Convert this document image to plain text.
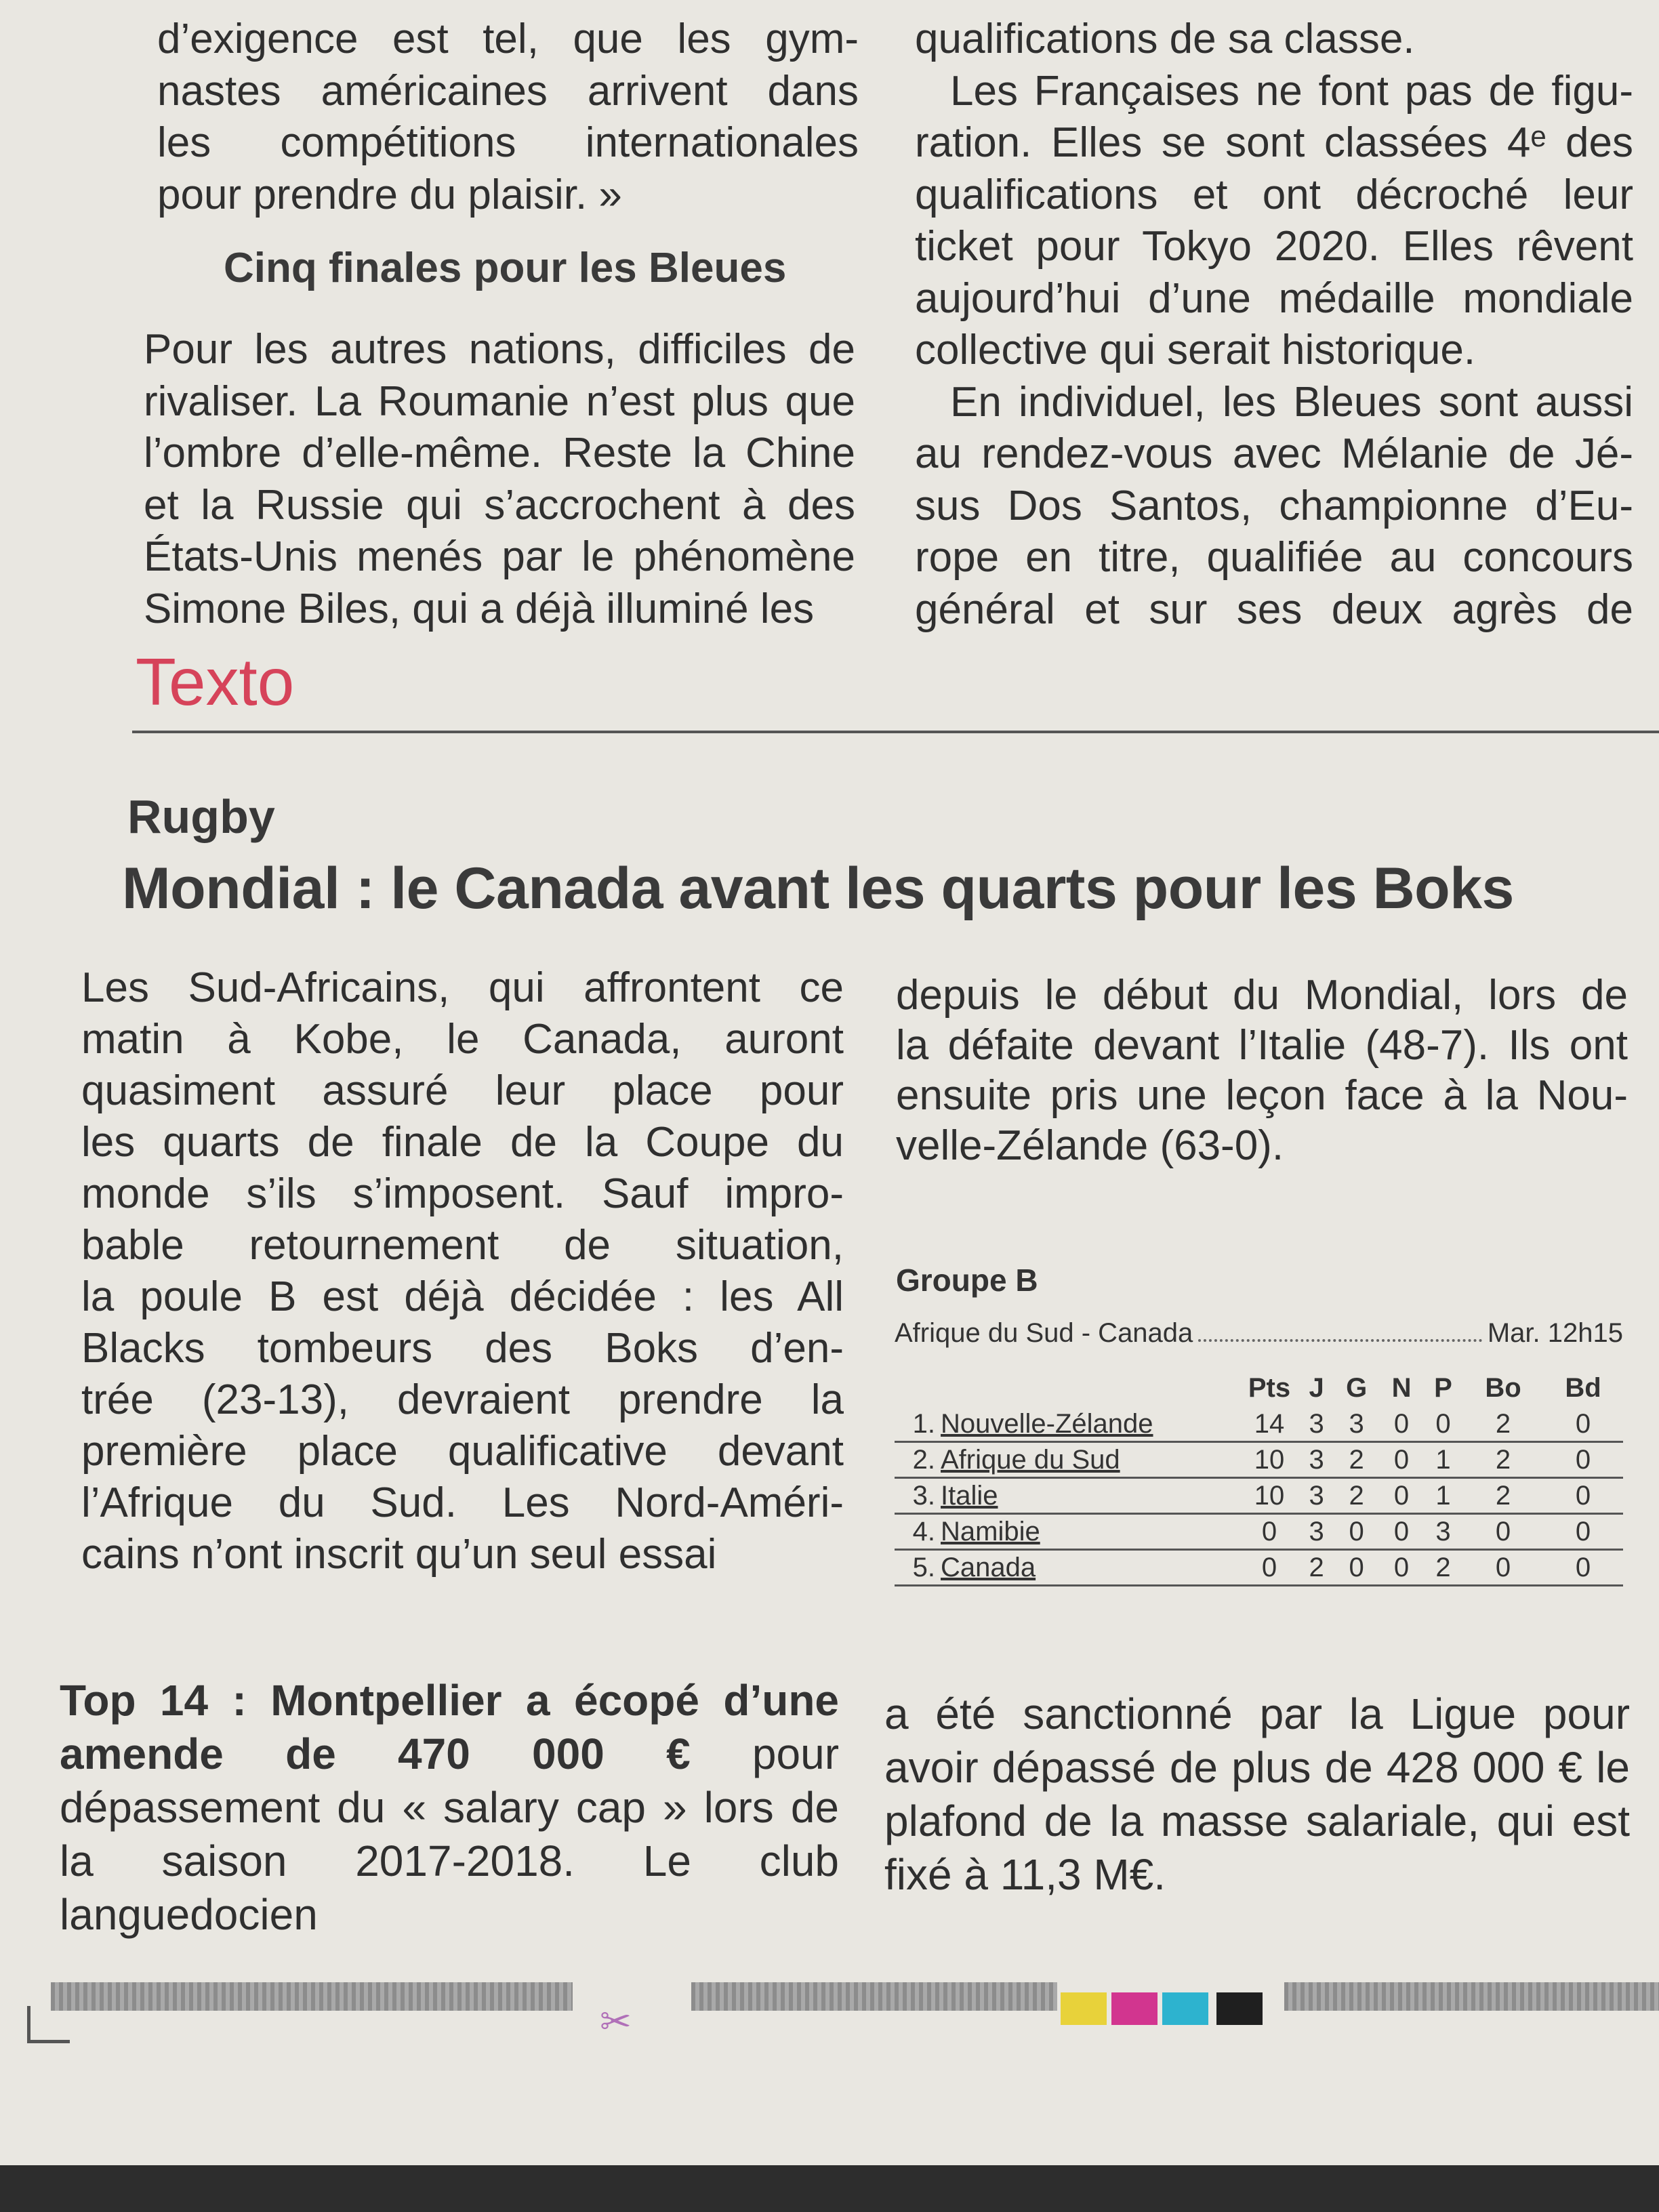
d’exigence est tel, que les gym-
nastes américaines arrivent dans
les compétitions internationales
pour prendre du plaisir. »
Cinq finales pour les Bleues
Pour les autres nations, difficiles de
rivaliser. La Roumanie n’est plus que
l’ombre d’elle-même. Reste la Chine
et la Russie qui s’accrochent à des
États-Unis menés par le phénomène
Simone Biles, qui a déjà illuminé les
qualifications de sa classe.
Les Françaises ne font pas de figu-
ration. Elles se sont classées 4ᵉ des
qualifications et ont décroché leur
ticket pour Tokyo 2020. Elles rêvent
aujourd’hui d’une médaille mondiale
collective qui serait historique.
En individuel, les Bleues sont aussi
au rendez-vous avec Mélanie de Jé-
sus Dos Santos, championne d’Eu-
rope en titre, qualifiée au concours
général et sur ses deux agrès de
Texto
Rugby
Mondial : le Canada avant les quarts pour les Boks
Les Sud-Africains, qui affrontent ce
matin à Kobe, le Canada, auront
quasiment assuré leur place pour
les quarts de finale de la Coupe du
monde s’ils s’imposent. Sauf impro-
bable retournement de situation,
la poule B est déjà décidée : les All
Blacks tombeurs des Boks d’en-
trée (23-13), devraient prendre la
première place qualificative devant
l’Afrique du Sud. Les Nord-Améri-
cains n’ont inscrit qu’un seul essai
depuis le début du Mondial, lors de
la défaite devant l’Italie (48-7). Ils ont
ensuite pris une leçon face à la Nou-
velle-Zélande (63-0).
Groupe B
Afrique du Sud - Canada	Mar. 12h15
		Pts	J	G	N	P	Bo	Bd
1.	Nouvelle-Zélande	14	3	3	0	0	2	0
2.	Afrique du Sud	10	3	2	0	1	2	0
3.	Italie	10	3	2	0	1	2	0
4.	Namibie	0	3	0	0	3	0	0
5.	Canada	0	2	0	0	2	0	0
Top 14 : Montpellier a écopé d’une amende de 470 000 € pour dépassement du « salary cap » lors de la saison 2017-2018. Le club languedocien
a été sanctionné par la Ligue pour avoir dépassé de plus de 428 000 € le plafond de la masse salariale, qui est fixé à 11,3 M€.
✂
